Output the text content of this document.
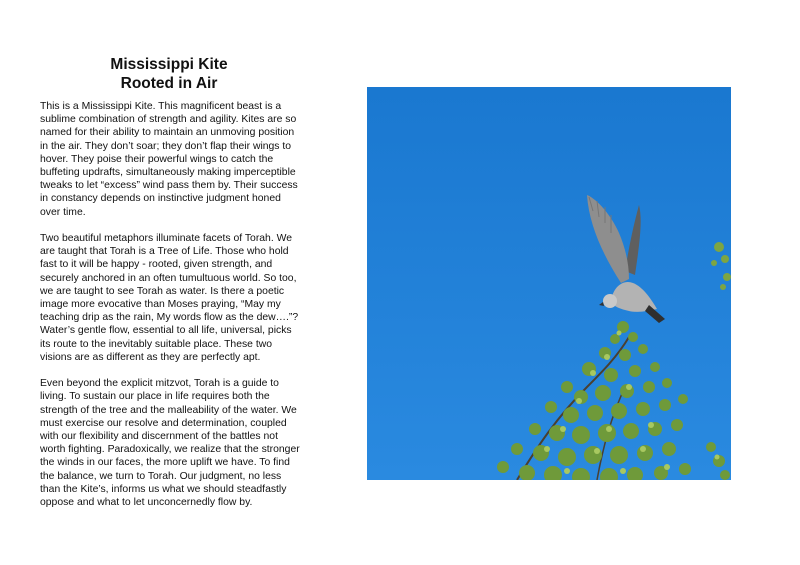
Mississippi Kite
Rooted in Air

This is a Mississippi Kite. This magnificent beast is a sublime combination of strength and agility. Kites are so named for their ability to maintain an unmoving position in the air. They don’t soar; they don’t flap their wings to hover. They poise their powerful wings to catch the buffeting updrafts, simultaneously making imperceptible tweaks to let “excess” wind pass them by. Their success in constancy depends on instinctive judgment honed over time.

Two beautiful metaphors illuminate facets of Torah. We are taught that Torah is a Tree of Life. Those who hold fast to it will be happy - rooted, given strength, and securely anchored in an often tumultuous world. So too, we are taught to see Torah as water. Is there a poetic image more evocative than Moses praying, “May my teaching drip as the rain, My words flow as the dew….”? Water’s gentle flow, essential to all life, universal, picks its route to the inevitably suitable place. These two visions are as different as they are perfectly apt.

Even beyond the explicit mitzvot, Torah is a guide to living. To sustain our place in life requires both the strength of the tree and the malleability of the water. We must exercise our resolve and determination, coupled with our flexibility and discernment of the battles not worth fighting. Paradoxically, we realize that the stronger the winds in our faces, the more uplift we have. To find the balance, we turn to Torah. Our judgment, no less than the Kite’s, informs us what we should steadfastly oppose and what to let unconcernedly flow by.
